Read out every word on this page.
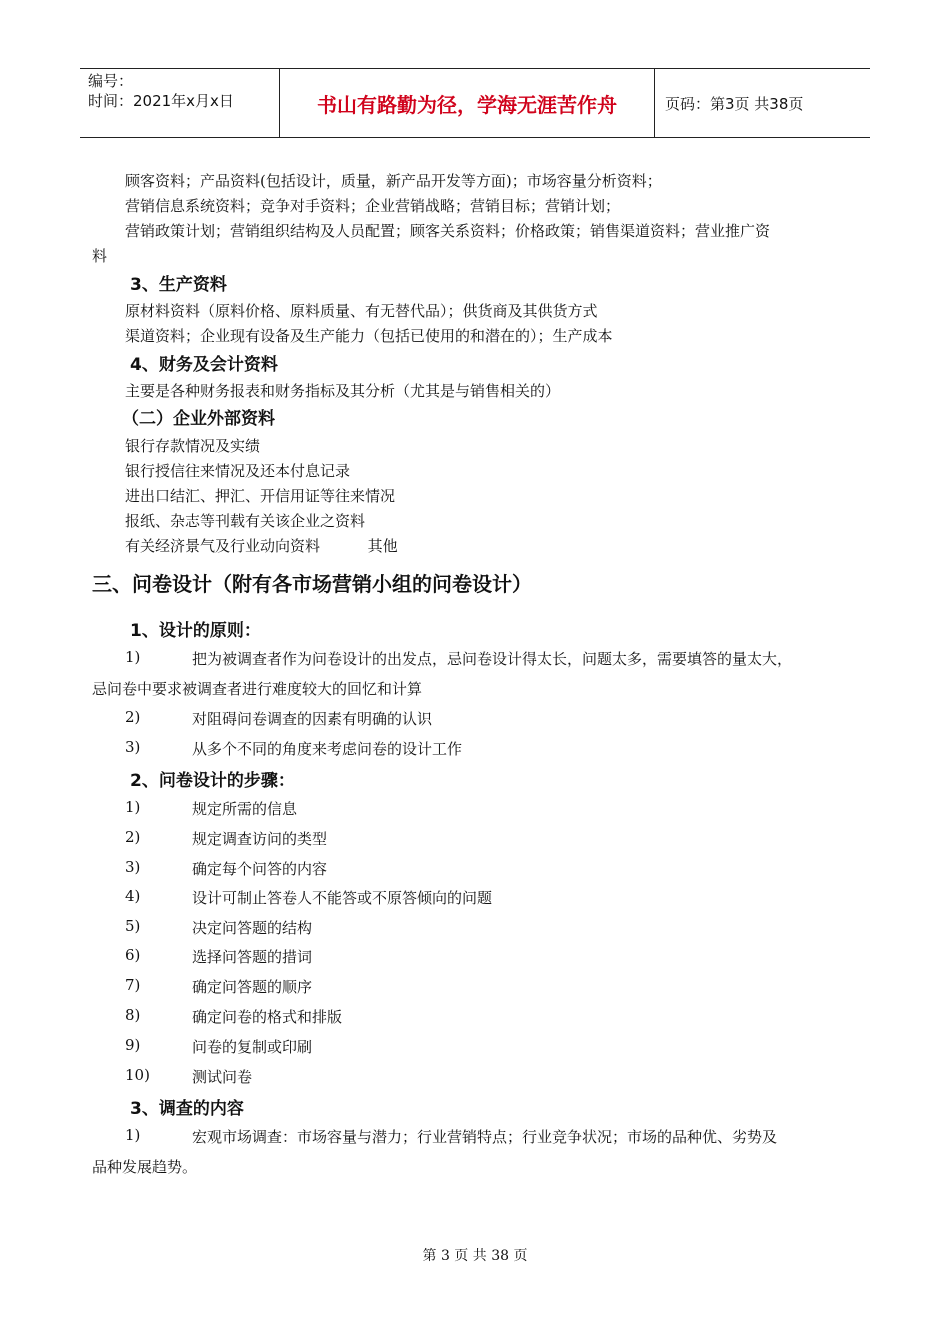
编号：
时间：2021年x月x日	书山有路勤为径，学海无涯苦作舟	页码：第3页 共38页
顾客资料；产品资料(包括设计，质量，新产品开发等方面)；市场容量分析资料；
营销信息系统资料；竞争对手资料；企业营销战略；营销目标；营销计划；
营销政策计划；营销组织结构及人员配置；顾客关系资料；价格政策；销售渠道资料；营业推广资
料
3、生产资料
原材料资料（原料价格、原料质量、有无替代品）；供货商及其供货方式
渠道资料；企业现有设备及生产能力（包括已使用的和潜在的）；生产成本
4、财务及会计资料
主要是各种财务报表和财务指标及其分析（尤其是与销售相关的）
（二）企业外部资料
银行存款情况及实绩
银行授信往来情况及还本付息记录
进出口结汇、押汇、开信用证等往来情况
报纸、杂志等刊载有关该企业之资料
有关经济景气及行业动向资料          其他
三、问卷设计（附有各市场营销小组的问卷设计）
1、设计的原则：
1)	把为被调查者作为问卷设计的出发点，忌问卷设计得太长，问题太多，需要填答的量太大，
忌问卷中要求被调查者进行难度较大的回忆和计算
2)	对阻碍问卷调查的因素有明确的认识
3)	从多个不同的角度来考虑问卷的设计工作
2、问卷设计的步骤：
1)	规定所需的信息
2)	规定调查访问的类型
3)	确定每个问答的内容
4)	设计可制止答卷人不能答或不原答倾向的问题
5)	决定问答题的结构
6)	选择问答题的措词
7)	确定问答题的顺序
8)	确定问卷的格式和排版
9)	问卷的复制或印刷
10)	测试问卷
3、调查的内容
1)	宏观市场调查：市场容量与潜力；行业营销特点；行业竞争状况；市场的品种优、劣势及
品种发展趋势。
第 3 页 共 38 页
